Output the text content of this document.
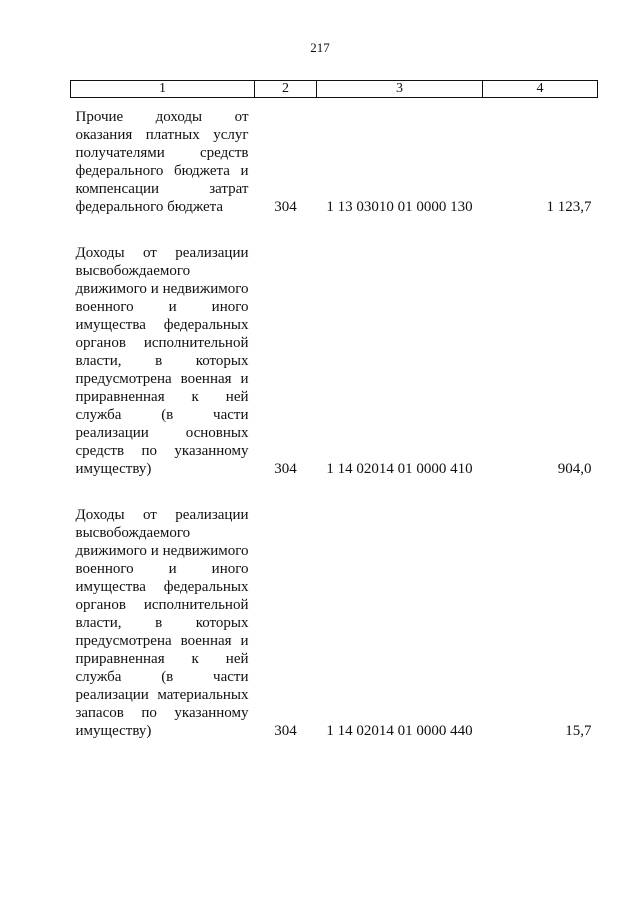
217
1	2	3	4

Прочие доходы от оказания платных услуг получателями средств федерального бюджета и компенсации затрат федерального бюджета	304	1 13 03010 01 0000 130	1 123,7

Доходы от реализации высвобождаемого движимого и недвижимого военного и иного имущества федеральных органов исполнительной власти, в которых предусмотрена военная и приравненная к ней служба (в части реализации основных средств по указанному имуществу)	304	1 14 02014 01 0000 410	904,0

Доходы от реализации высвобождаемого движимого и недвижимого военного и иного имущества федеральных органов исполнительной власти, в которых предусмотрена военная и приравненная к ней служба (в части реализации материальных запасов по указанному имуществу)	304	1 14 02014 01 0000 440	15,7
